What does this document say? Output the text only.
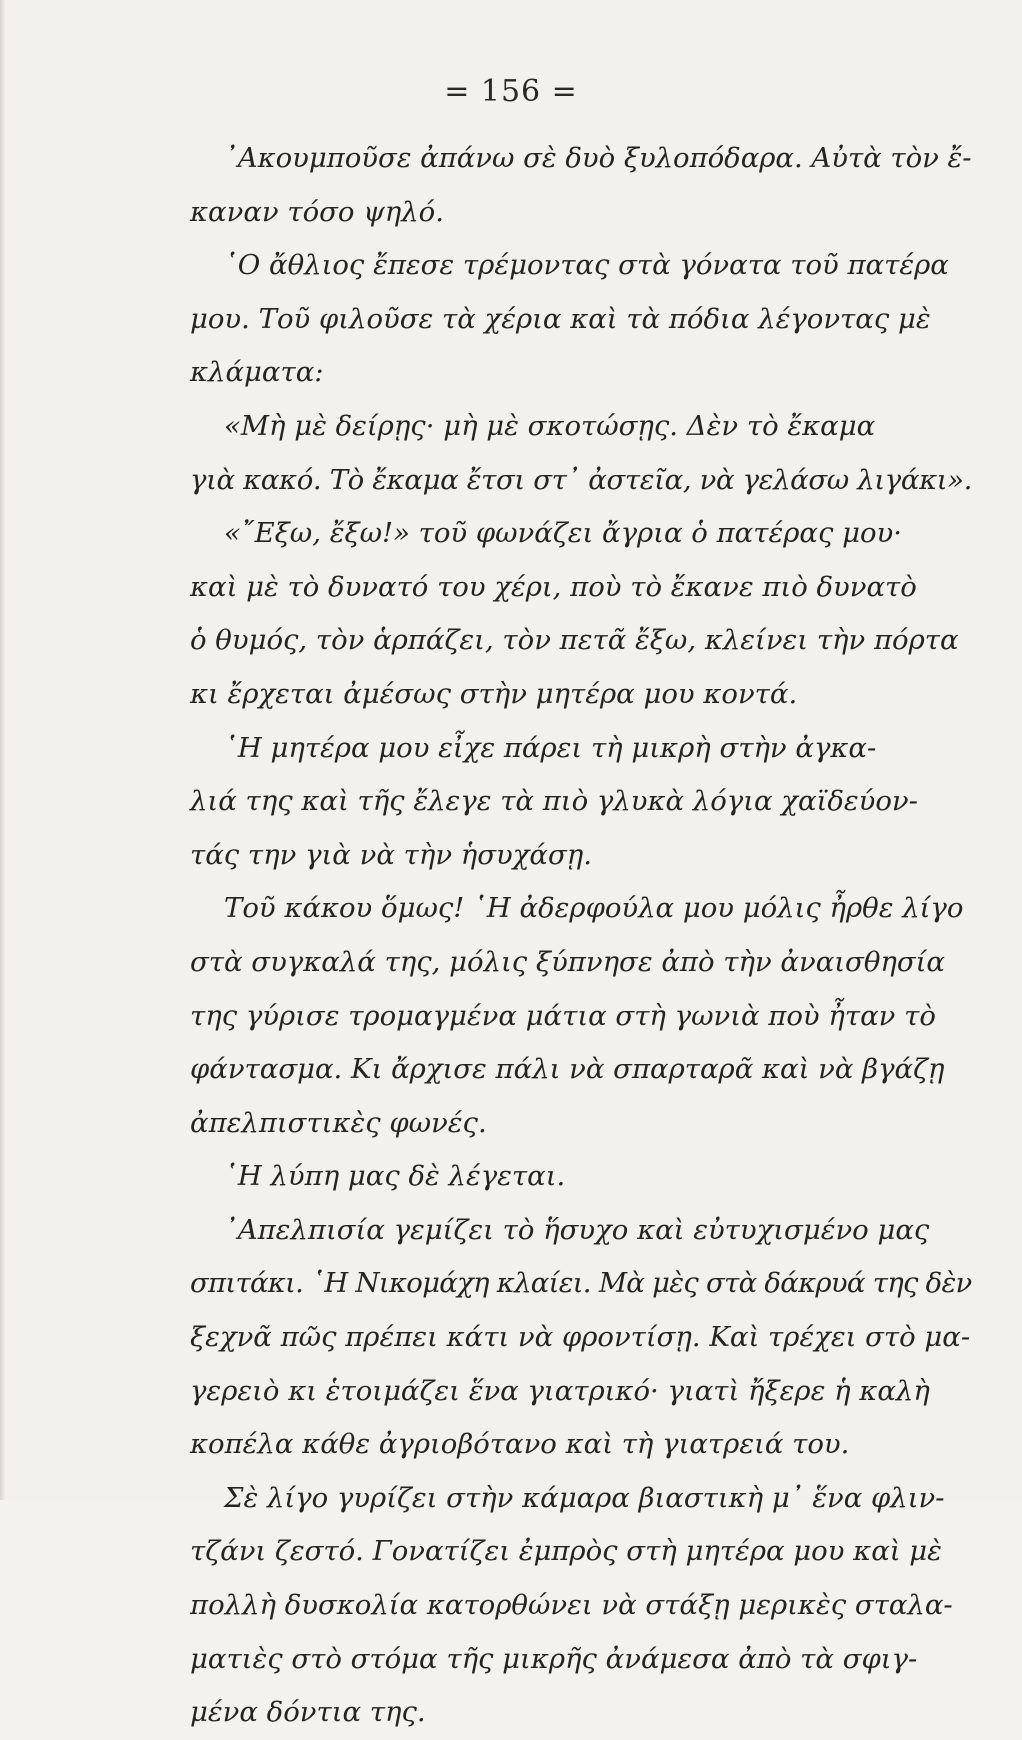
= 156 =
᾿Ακουμποῦσε ἀπάνω σὲ δυὸ ξυλοπόδαρα. Αὐτὰ τὸν ἔ-
καναν τόσο ψηλό.
῾Ο ἄθλιος ἔπεσε τρέμοντας στὰ γόνατα τοῦ πατέρα
μου. Τοῦ φιλοῦσε τὰ χέρια καὶ τὰ πόδια λέγοντας μὲ
κλάματα:
«Μὴ μὲ δείρῃς· μὴ μὲ σκοτώσῃς. Δὲν τὸ ἔκαμα
γιὰ κακό. Τὸ ἔκαμα ἔτσι στ᾿ ἀστεῖα, νὰ γελάσω λιγάκι».
«῎Εξω, ἔξω!» τοῦ φωνάζει ἄγρια ὁ πατέρας μου·
καὶ μὲ τὸ δυνατό του χέρι, ποὺ τὸ ἔκανε πιὸ δυνατὸ
ὁ θυμός, τὸν ἁρπάζει, τὸν πετᾶ ἔξω, κλείνει τὴν πόρτα
κι ἔρχεται ἀμέσως στὴν μητέρα μου κοντά.
῾Η μητέρα μου εἶχε πάρει τὴ μικρὴ στὴν ἀγκα-
λιά της καὶ τῆς ἔλεγε τὰ πιὸ γλυκὰ λόγια χαϊδεύον-
τάς την γιὰ νὰ τὴν ἡσυχάσῃ.
Τοῦ κάκου ὅμως! ῾Η ἀδερφούλα μου μόλις ἦρθε λίγο
στὰ συγκαλά της, μόλις ξύπνησε ἀπὸ τὴν ἀναισθησία
της γύρισε τρομαγμένα μάτια στὴ γωνιὰ ποὺ ἦταν τὸ
φάντασμα. Κι ἄρχισε πάλι νὰ σπαρταρᾶ καὶ νὰ βγάζῃ
ἀπελπιστικὲς φωνές.
῾Η λύπη μας δὲ λέγεται.
᾿Απελπισία γεμίζει τὸ ἥσυχο καὶ εὐτυχισμένο μας
σπιτάκι. ῾Η Νικομάχη κλαίει. Μὰ μὲς στὰ δάκρυά της δὲν
ξεχνᾶ πῶς πρέπει κάτι νὰ φροντίσῃ. Καὶ τρέχει στὸ μα-
γερειὸ κι ἑτοιμάζει ἕνα γιατρικό· γιατὶ ἤξερε ἡ καλὴ
κοπέλα κάθε ἀγριοβότανο καὶ τὴ γιατρειά του.
Σὲ λίγο γυρίζει στὴν κάμαρα βιαστικὴ μ᾿ ἕνα φλιν-
τζάνι ζεστό. Γονατίζει ἐμπρὸς στὴ μητέρα μου καὶ μὲ
πολλὴ δυσκολία κατορθώνει νὰ στάξῃ μερικὲς σταλα-
ματιὲς στὸ στόμα τῆς μικρῆς ἀνάμεσα ἀπὸ τὰ σφιγ-
μένα δόντια της.
